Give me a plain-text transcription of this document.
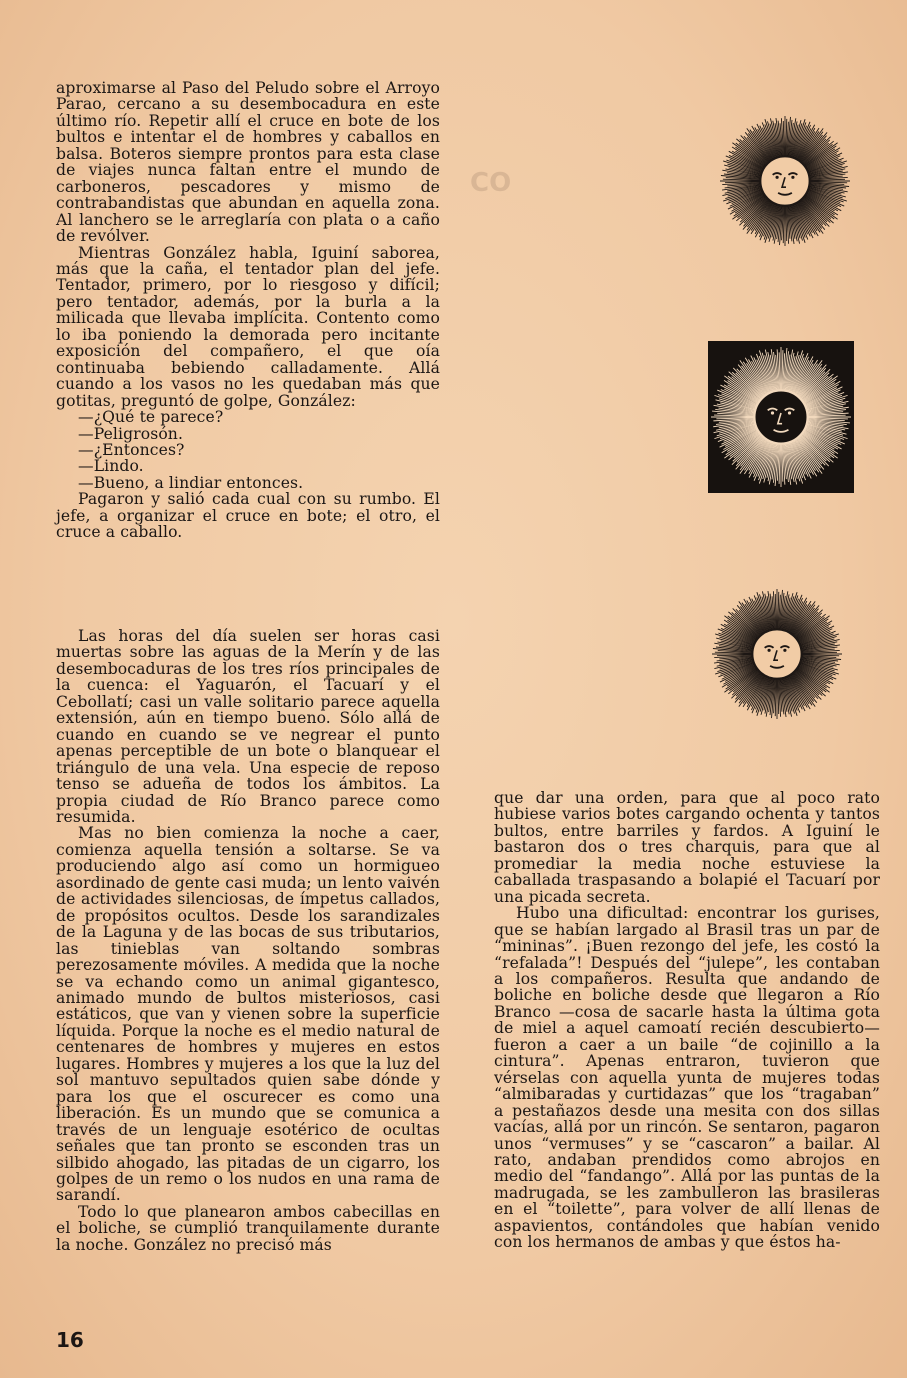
CO

aproximarse al Paso del Peludo sobre el Arroyo Parao, cercano a su desembocadura en este último río. Repetir allí el cruce en bote de los bultos e intentar el de hombres y caballos en balsa. Boteros siempre prontos para esta clase de viajes nunca faltan entre el mundo de carboneros, pescadores y mismo de contrabandistas que abundan en aquella zona. Al lanchero se le arreglaría con plata o a caño de revólver.

Mientras González habla, Iguiní saborea, más que la caña, el tentador plan del jefe. Tentador, primero, por lo riesgoso y difícil; pero tentador, además, por la burla a la milicada que llevaba implícita. Contento como lo iba poniendo la demorada pero incitante exposición del compañero, el que oía continuaba bebiendo calladamente. Allá cuando a los vasos no les quedaban más que gotitas, preguntó de golpe, González:

—¿Qué te parece?

—Peligrosón.

—¿Entonces?

—Lindo.

—Bueno, a lindiar entonces.

Pagaron y salió cada cual con su rumbo. El jefe, a organizar el cruce en bote; el otro, el cruce a caballo.

Las horas del día suelen ser horas casi muertas sobre las aguas de la Merín y de las desembocaduras de los tres ríos principales de la cuenca: el Yaguarón, el Tacuarí y el Cebollatí; casi un valle solitario parece aquella extensión, aún en tiempo bueno. Sólo allá de cuando en cuando se ve negrear el punto apenas perceptible de un bote o blanquear el triángulo de una vela. Una especie de reposo tenso se adueña de todos los ámbitos. La propia ciudad de Río Branco parece como resumida.

Mas no bien comienza la noche a caer, comienza aquella tensión a soltarse. Se va produciendo algo así como un hormigueo asordinado de gente casi muda; un lento vaivén de actividades silenciosas, de ímpetus callados, de propósitos ocultos. Desde los sarandizales de la Laguna y de las bocas de sus tributarios, las tinieblas van soltando sombras perezosamente móviles. A medida que la noche se va echando como un animal gigantesco, animado mundo de bultos misteriosos, casi estáticos, que van y vienen sobre la superficie líquida. Porque la noche es el medio natural de centenares de hombres y mujeres en estos lugares. Hombres y mujeres a los que la luz del sol mantuvo sepultados quien sabe dónde y para los que el oscurecer es como una liberación. Es un mundo que se comunica a través de un lenguaje esotérico de ocultas señales que tan pronto se esconden tras un silbido ahogado, las pitadas de un cigarro, los golpes de un remo o los nudos en una rama de sarandí.

Todo lo que planearon ambos cabecillas en el boliche, se cumplió tranquilamente durante la noche. González no precisó más

que dar una orden, para que al poco rato hubiese varios botes cargando ochenta y tantos bultos, entre barriles y fardos. A Iguiní le bastaron dos o tres charquis, para que al promediar la media noche estuviese la caballada traspasando a bolapié el Tacuarí por una picada secreta.

Hubo una dificultad: encontrar los gurises, que se habían largado al Brasil tras un par de “mininas”. ¡Buen rezongo del jefe, les costó la “refalada”! Después del “julepe”, les contaban a los compañeros. Resulta que andando de boliche en boliche desde que llegaron a Río Branco —cosa de sacarle hasta la última gota de miel a aquel camoatí recién descubierto— fueron a caer a un baile “de cojinillo a la cintura”. Apenas entraron, tuvieron que vérselas con aquella yunta de mujeres todas “almibaradas y curtidazas” que los “tragaban” a pestañazos desde una mesita con dos sillas vacías, allá por un rincón. Se sentaron, pagaron unos “vermuses” y se “cascaron” a bailar. Al rato, andaban prendidos como abrojos en medio del “fandango”. Allá por las puntas de la madrugada, se les zambulleron las brasileras en el “toilette”, para volver de allí llenas de aspavientos, contándoles que habían venido con los hermanos de ambas y que éstos ha-

16
